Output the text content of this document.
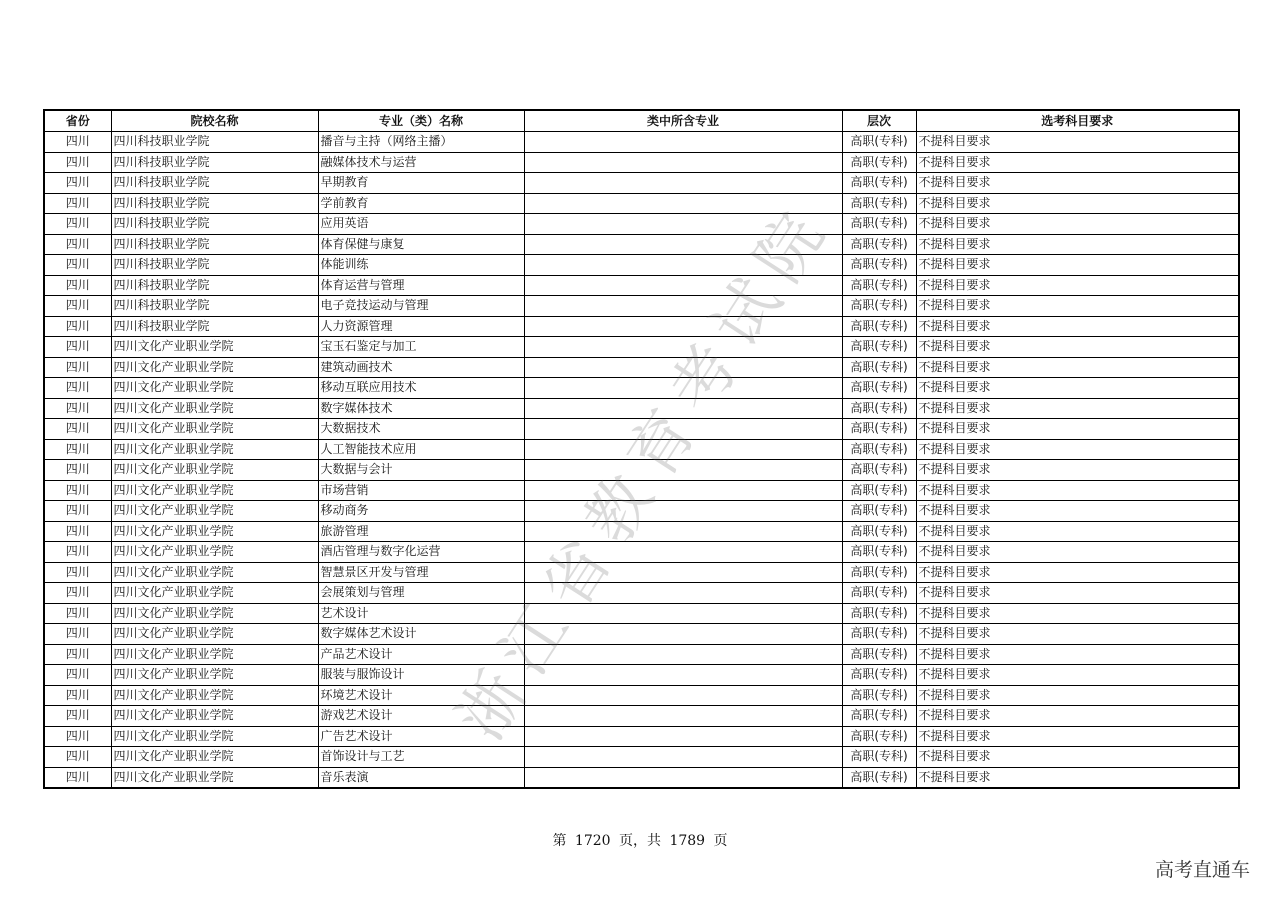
省份	院校名称	专业（类）名称	类中所含专业	层次	选考科目要求
四川	四川科技职业学院	播音与主持（网络主播）		高职(专科)	不提科目要求
四川	四川科技职业学院	融媒体技术与运营		高职(专科)	不提科目要求
四川	四川科技职业学院	早期教育		高职(专科)	不提科目要求
四川	四川科技职业学院	学前教育		高职(专科)	不提科目要求
四川	四川科技职业学院	应用英语		高职(专科)	不提科目要求
四川	四川科技职业学院	体育保健与康复		高职(专科)	不提科目要求
四川	四川科技职业学院	体能训练		高职(专科)	不提科目要求
四川	四川科技职业学院	体育运营与管理		高职(专科)	不提科目要求
四川	四川科技职业学院	电子竞技运动与管理		高职(专科)	不提科目要求
四川	四川科技职业学院	人力资源管理		高职(专科)	不提科目要求
四川	四川文化产业职业学院	宝玉石鉴定与加工		高职(专科)	不提科目要求
四川	四川文化产业职业学院	建筑动画技术		高职(专科)	不提科目要求
四川	四川文化产业职业学院	移动互联应用技术		高职(专科)	不提科目要求
四川	四川文化产业职业学院	数字媒体技术		高职(专科)	不提科目要求
四川	四川文化产业职业学院	大数据技术		高职(专科)	不提科目要求
四川	四川文化产业职业学院	人工智能技术应用		高职(专科)	不提科目要求
四川	四川文化产业职业学院	大数据与会计		高职(专科)	不提科目要求
四川	四川文化产业职业学院	市场营销		高职(专科)	不提科目要求
四川	四川文化产业职业学院	移动商务		高职(专科)	不提科目要求
四川	四川文化产业职业学院	旅游管理		高职(专科)	不提科目要求
四川	四川文化产业职业学院	酒店管理与数字化运营		高职(专科)	不提科目要求
四川	四川文化产业职业学院	智慧景区开发与管理		高职(专科)	不提科目要求
四川	四川文化产业职业学院	会展策划与管理		高职(专科)	不提科目要求
四川	四川文化产业职业学院	艺术设计		高职(专科)	不提科目要求
四川	四川文化产业职业学院	数字媒体艺术设计		高职(专科)	不提科目要求
四川	四川文化产业职业学院	产品艺术设计		高职(专科)	不提科目要求
四川	四川文化产业职业学院	服装与服饰设计		高职(专科)	不提科目要求
四川	四川文化产业职业学院	环境艺术设计		高职(专科)	不提科目要求
四川	四川文化产业职业学院	游戏艺术设计		高职(专科)	不提科目要求
四川	四川文化产业职业学院	广告艺术设计		高职(专科)	不提科目要求
四川	四川文化产业职业学院	首饰设计与工艺		高职(专科)	不提科目要求
四川	四川文化产业职业学院	音乐表演		高职(专科)	不提科目要求
浙江省教育考试院
第 1720 页，共 1789 页
高考直通车
